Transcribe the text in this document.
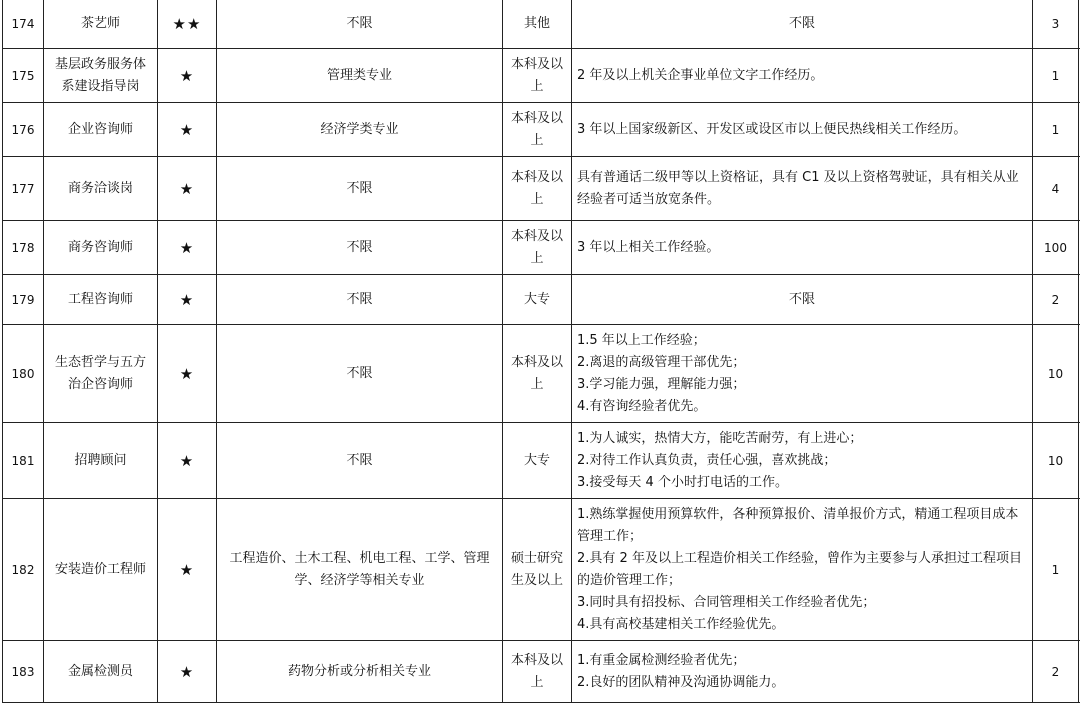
174	茶艺师	★★	不限	其他	不限	3	
175	基层政务服务体系建设指导岗	★	管理类专业	本科及以上	2 年及以上机关企事业单位文字工作经历。	1	
176	企业咨询师	★	经济学类专业	本科及以上	3 年以上国家级新区、开发区或设区市以上便民热线相关工作经历。	1	
177	商务洽谈岗	★	不限	本科及以上	具有普通话二级甲等以上资格证，具有 C1 及以上资格驾驶证，具有相关从业经验者可适当放宽条件。	4	
178	商务咨询师	★	不限	本科及以上	3 年以上相关工作经验。	100	
179	工程咨询师	★	不限	大专	不限	2	
180	生态哲学与五方治企咨询师	★	不限	本科及以上	1.5 年以上工作经验；
2.离退的高级管理干部优先；
3.学习能力强，理解能力强；
4.有咨询经验者优先。	10	
181	招聘顾问	★	不限	大专	1.为人诚实，热情大方，能吃苦耐劳，有上进心；
2.对待工作认真负责，责任心强，喜欢挑战；
3.接受每天 4 个小时打电话的工作。	10	
182	安装造价工程师	★	工程造价、土木工程、机电工程、工学、管理学、经济学等相关专业	硕士研究生及以上	1.熟练掌握使用预算软件，各种预算报价、清单报价方式，精通工程项目成本管理工作；
2.具有 2 年及以上工程造价相关工作经验，曾作为主要参与人承担过工程项目的造价管理工作；
3.同时具有招投标、合同管理相关工作经验者优先；
4.具有高校基建相关工作经验优先。	1	
183	金属检测员	★	药物分析或分析相关专业	本科及以上	1.有重金属检测经验者优先；
2.良好的团队精神及沟通协调能力。	2	
